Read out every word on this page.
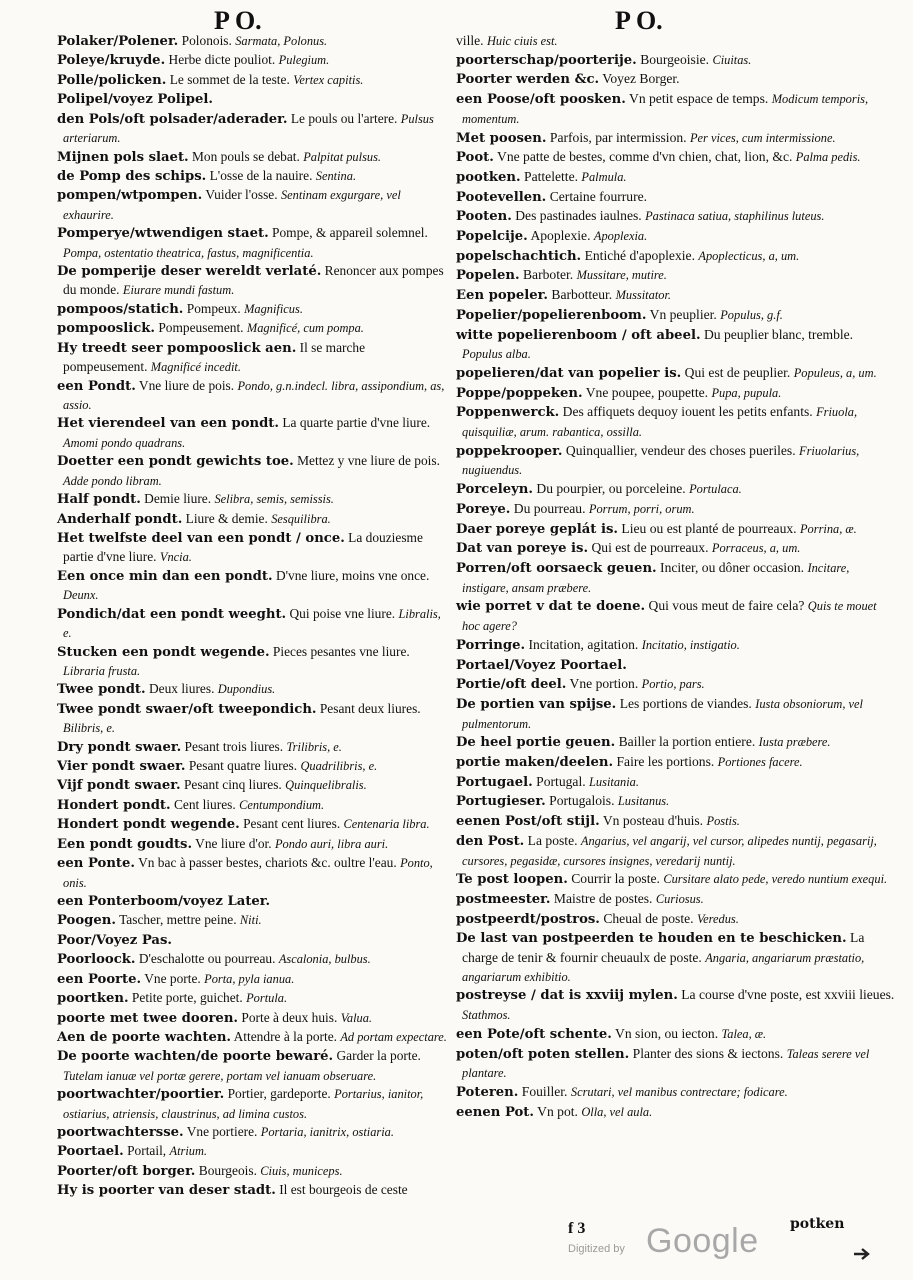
P O.	P O.

Polaker/Polener. Polonois. Sarmata, Polonus.

Poleye/kruyde. Herbe dicte pouliot. Pulegium.

Polle/policken. Le sommet de la teste. Vertex capitis.

Polipel/voyez Polipel.

den Pols/oft polsader/aderader. Le pouls ou l'artere. Pulsus arteriarum.

Mijnen pols slaet. Mon pouls se debat. Palpitat pulsus.

de Pomp des schips. L'osse de la nauire. Sentina.

pompen/wtpompen. Vuider l'osse. Sentinam exgurgare, vel exhaurire.

Pomperye/wtwendigen staet. Pompe, & appareil solemnel. Pompa, ostentatio theatrica, fastus, magnificentia.

De pomperije deser wereldt verlaté. Renoncer aux pompes du monde. Eiurare mundi fastum.

pompoos/statich. Pompeux. Magnificus.

pompooslick. Pompeusement. Magnificé, cum pompa.

Hy treedt seer pompooslick aen. Il se marche pompeusement. Magnificé incedit.

een Pondt. Vne liure de pois. Pondo, g.n.indecl. libra, assipondium, as, assio.

Het vierendeel van een pondt. La quarte partie d'vne liure. Amomi pondo quadrans.

Doetter een pondt gewichts toe. Mettez y vne liure de pois. Adde pondo libram.

Half pondt. Demie liure. Selibra, semis, semissis.

Anderhalf pondt. Liure & demie. Sesquilibra.

Het twelfste deel van een pondt / once. La douziesme partie d'vne liure. Vncia.

Een once min dan een pondt. D'vne liure, moins vne once. Deunx.

Pondich/dat een pondt weeght. Qui poise vne liure. Libralis, e.

Stucken een pondt wegende. Pieces pesantes vne liure. Libraria frusta.

Twee pondt. Deux liures. Dupondius.

Twee pondt swaer/oft tweepondich. Pesant deux liures. Bilibris, e.

Dry pondt swaer. Pesant trois liures. Trilibris, e.

Vier pondt swaer. Pesant quatre liures. Quadrilibris, e.

Vijf pondt swaer. Pesant cinq liures. Quinquelibralis.

Hondert pondt. Cent liures. Centumpondium.

Hondert pondt wegende. Pesant cent liures. Centenaria libra.

Een pondt goudts. Vne liure d'or. Pondo auri, libra auri.

een Ponte. Vn bac à passer bestes, chariots &c. oultre l'eau. Ponto, onis.

een Ponterboom/voyez Later.

Poogen. Tascher, mettre peine. Niti.

Poor/Voyez Pas.

Poorloock. D'eschalotte ou pourreau. Ascalonia, bulbus.

een Poorte. Vne porte. Porta, pyla ianua.

poortken. Petite porte, guichet. Portula.

poorte met twee dooren. Porte à deux huis. Valua.

Aen de poorte wachten. Attendre à la porte. Ad portam expectare.

De poorte wachten/de poorte bewaré. Garder la porte. Tutelam ianuæ vel portæ gerere, portam vel ianuam obseruare.

poortwachter/poortier. Portier, gardeporte. Portarius, ianitor, ostiarius, atriensis, claustrinus, ad limina custos.

poortwachtersse. Vne portiere. Portaria, ianitrix, ostiaria.

Poortael. Portail, Atrium.

Poorter/oft borger. Bourgeois. Ciuis, municeps.

Hy is poorter van deser stadt. Il est bourgeois de ceste

ville. Huic ciuis est.

poorterschap/poorterije. Bourgeoisie. Ciuitas.

Poorter werden &c. Voyez Borger.

een Poose/oft poosken. Vn petit espace de temps. Modicum temporis, momentum.

Met poosen. Parfois, par intermission. Per vices, cum intermissione.

Poot. Vne patte de bestes, comme d'vn chien, chat, lion, &c. Palma pedis.

pootken. Pattelette. Palmula.

Pootevellen. Certaine fourrure.

Pooten. Des pastinades iaulnes. Pastinaca satiua, staphilinus luteus.

Popelcije. Apoplexie. Apoplexia.

popelschachtich. Entiché d'apoplexie. Apoplecticus, a, um.

Popelen. Barboter. Mussitare, mutire.

Een popeler. Barbotteur. Mussitator.

Popelier/popelierenboom. Vn peuplier. Populus, g.f.

witte popelierenboom / oft abeel. Du peuplier blanc, tremble. Populus alba.

popelieren/dat van popelier is. Qui est de peuplier. Populeus, a, um.

Poppe/poppeken. Vne poupee, poupette. Pupa, pupula.

Poppenwerck. Des affiquets dequoy iouent les petits enfants. Friuola, quisquiliæ, arum. rabantica, ossilla.

poppekrooper. Quinquallier, vendeur des choses pueriles. Friuolarius, nugiuendus.

Porceleyn. Du pourpier, ou porceleine. Portulaca.

Poreye. Du pourreau. Porrum, porri, orum.

Daer poreye geplát is. Lieu ou est planté de pourreaux. Porrina, æ.

Dat van poreye is. Qui est de pourreaux. Porraceus, a, um.

Porren/oft oorsaeck geuen. Inciter, ou dôner occasion. Incitare, instigare, ansam præbere.

wie porret v dat te doene. Qui vous meut de faire cela? Quis te mouet hoc agere?

Porringe. Incitation, agitation. Incitatio, instigatio.

Portael/Voyez Poortael.

Portie/oft deel. Vne portion. Portio, pars.

De portien van spijse. Les portions de viandes. Iusta obsoniorum, vel pulmentorum.

De heel portie geuen. Bailler la portion entiere. Iusta præbere.

portie maken/deelen. Faire les portions. Portiones facere.

Portugael. Portugal. Lusitania.

Portugieser. Portugalois. Lusitanus.

eenen Post/oft stijl. Vn posteau d'huis. Postis.

den Post. La poste. Angarius, vel angarij, vel cursor, alipedes nuntij, pegasarij, cursores, pegasidæ, cursores insignes, veredarij nuntij.

Te post loopen. Courrir la poste. Cursitare alato pede, veredo nuntium exequi.

postmeester. Maistre de postes. Curiosus.

postpeerdt/postros. Cheual de poste. Veredus.

De last van postpeerden te houden en te beschicken. La charge de tenir & fournir cheuaulx de poste. Angaria, angariarum præstatio, angariarum exhibitio.

postreyse / dat is xxviij mylen. La course d'vne poste, est xxviii lieues. Stathmos.

een Pote/oft schente. Vn sion, ou iecton. Talea, æ.

poten/oft poten stellen. Planter des sions & iectons. Taleas serere vel plantare.

Poteren. Fouiller. Scrutari, vel manibus contrectare; fodicare.

eenen Pot. Vn pot. Olla, vel aula.

f 3	potken
Digitized by Google
